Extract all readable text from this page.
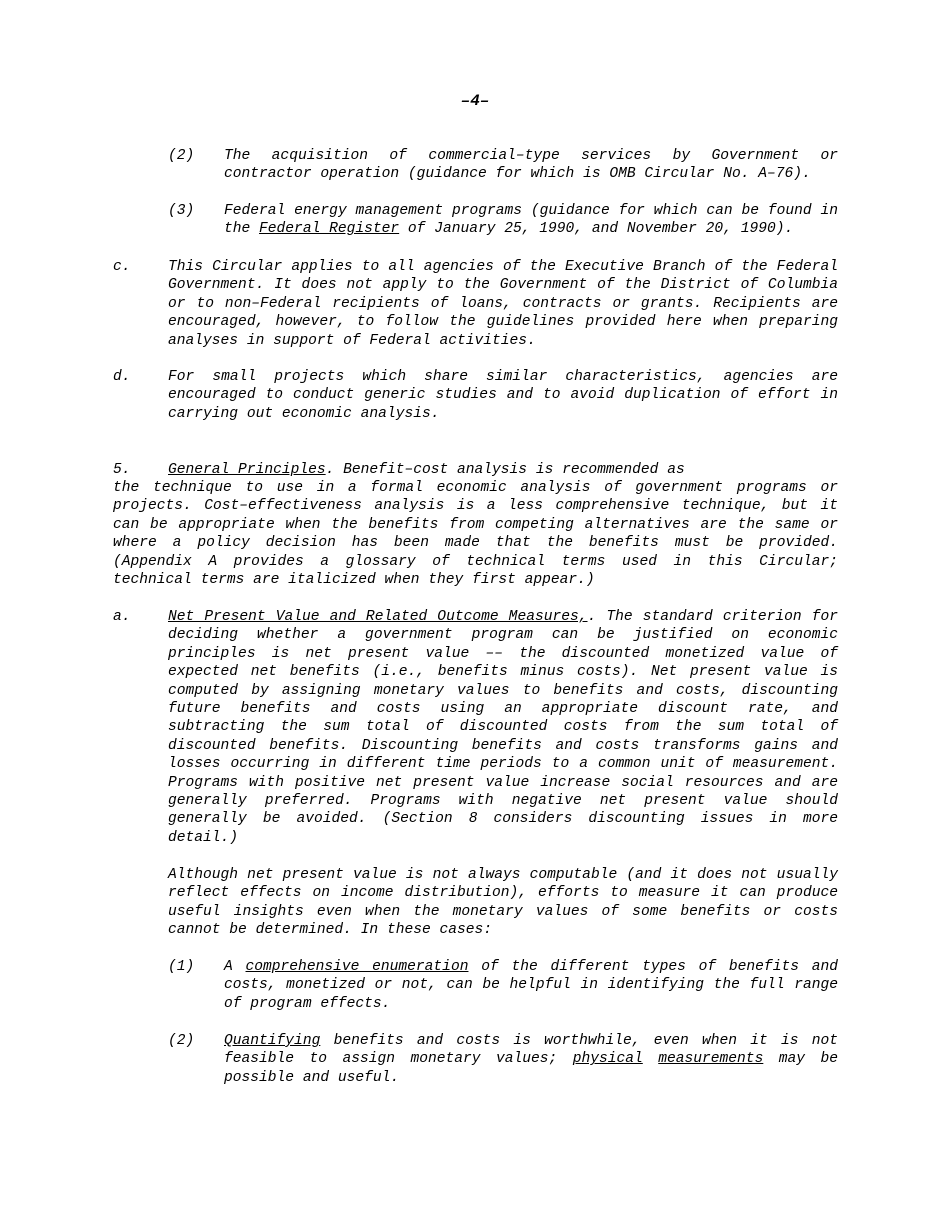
–4–
(2) The acquisition of commercial–type services by Government or contractor operation (guidance for which is OMB Circular No. A–76).
(3) Federal energy management programs (guidance for which can be found in the Federal Register of January 25, 1990, and November 20, 1990).
c.	This Circular applies to all agencies of the Executive Branch of the Federal Government. It does not apply to the Government of the District of Columbia or to non–Federal recipients of loans, contracts or grants. Recipients are encouraged, however, to follow the guidelines provided here when preparing analyses in support of Federal activities.
d.	For small projects which share similar characteristics, agencies are encouraged to conduct generic studies and to avoid duplication of effort in carrying out economic analysis.
5.	General Principles. Benefit–cost analysis is recommended as
the technique to use in a formal economic analysis of government programs or projects. Cost–effectiveness analysis is a less comprehensive technique, but it can be appropriate when the benefits from competing alternatives are the same or where a policy decision has been made that the benefits must be provided. (Appendix A provides a glossary of technical terms used in this Circular; technical terms are italicized when they first appear.)
a.	Net Present Value and Related Outcome Measures,. The standard criterion for deciding whether a government program can be justified on economic principles is net present value –– the discounted monetized value of expected net benefits (i.e., benefits minus costs). Net present value is computed by assigning monetary values to benefits and costs, discounting future benefits and costs using an appropriate discount rate, and subtracting the sum total of discounted costs from the sum total of discounted benefits. Discounting benefits and costs transforms gains and losses occurring in different time periods to a common unit of measurement. Programs with positive net present value increase social resources and are generally preferred. Programs with negative net present value should generally be avoided. (Section 8 considers discounting issues in more detail.)
Although net present value is not always computable (and it does not usually reflect effects on income distribution), efforts to measure it can produce useful insights even when the monetary values of some benefits or costs cannot be determined. In these cases:
(1) A comprehensive enumeration of the different types of benefits and costs, monetized or not, can be helpful in identifying the full range of program effects.
(2) Quantifying benefits and costs is worthwhile, even when it is not feasible to assign monetary values; physical measurements may be possible and useful.
